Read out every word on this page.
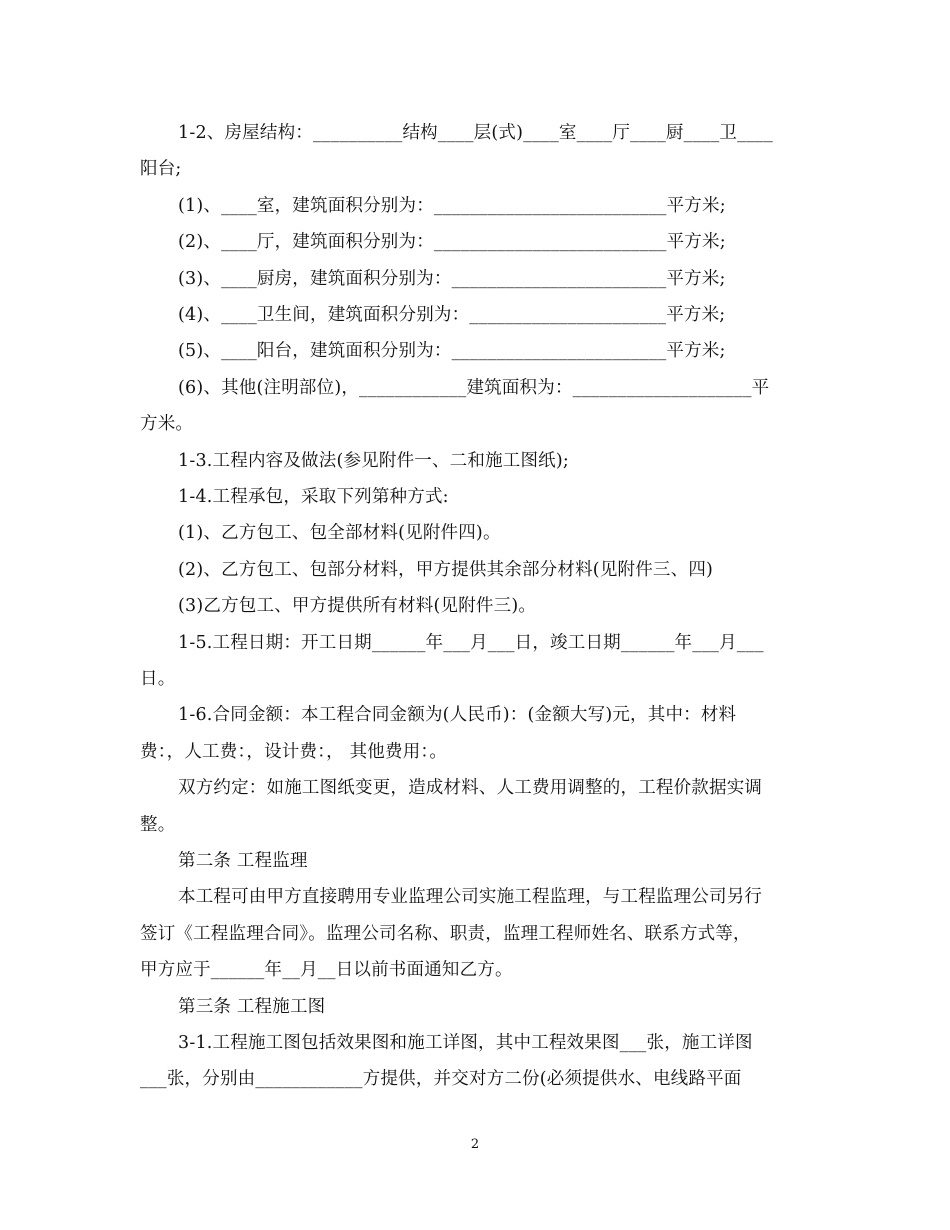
1-2、房屋结构：__________结构____层(式)____室____厅____厨____卫____
阳台;
(1)、____室，建筑面积分别为：__________________________平方米;
(2)、____厅，建筑面积分别为：__________________________平方米;
(3)、____厨房，建筑面积分别为：________________________平方米;
(4)、____卫生间，建筑面积分别为：______________________平方米;
(5)、____阳台，建筑面积分别为：________________________平方米;
(6)、其他(注明部位)，____________建筑面积为：____________________平
方米。
1-3.工程内容及做法(参见附件一、二和施工图纸);
1-4.工程承包，采取下列第种方式:
(1)、乙方包工、包全部材料(见附件四)。
(2)、乙方包工、包部分材料，甲方提供其余部分材料(见附件三、四)
(3)乙方包工、甲方提供所有材料(见附件三)。
1-5.工程日期：开工日期______年___月___日，竣工日期______年___月___
日。
1-6.合同金额：本工程合同金额为(人民币)：(金额大写)元，其中：材料
费：，人工费：，设计费：， 其他费用：。
双方约定：如施工图纸变更，造成材料、人工费用调整的，工程价款据实调
整。
第二条 工程监理
本工程可由甲方直接聘用专业监理公司实施工程监理，与工程监理公司另行
签订《工程监理合同》。监理公司名称、职责，监理工程师姓名、联系方式等，
甲方应于______年__月__日以前书面通知乙方。
第三条 工程施工图
3-1.工程施工图包括效果图和施工详图，其中工程效果图___张，施工详图
___张，分别由____________方提供，并交对方二份(必须提供水、电线路平面
2
